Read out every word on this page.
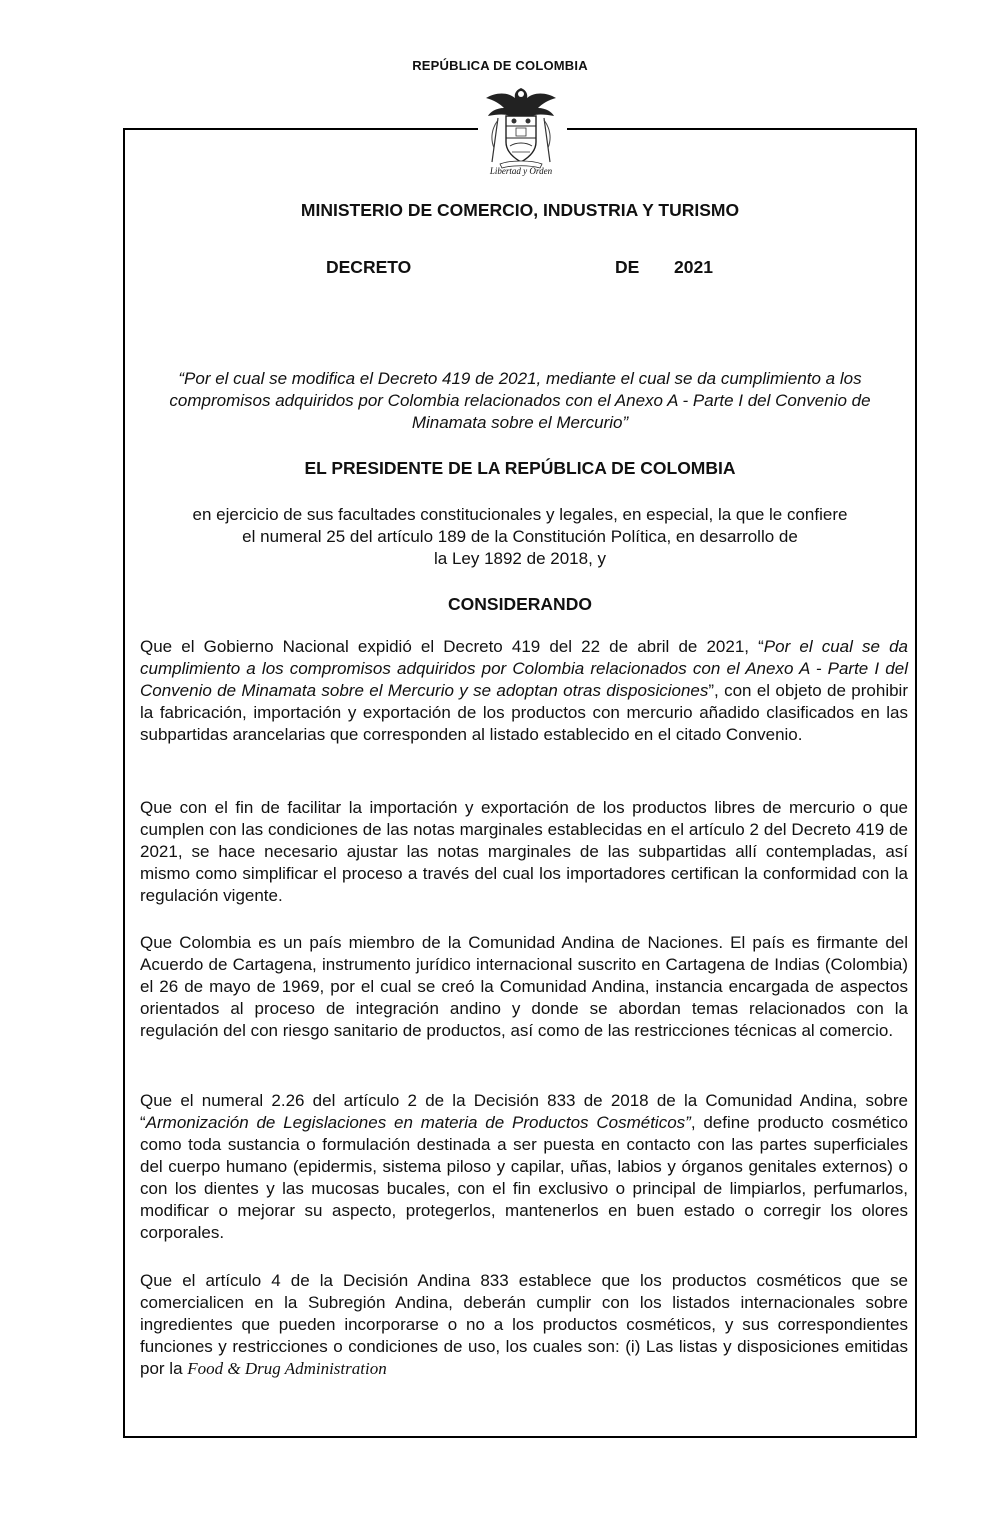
REPÚBLICA DE COLOMBIA
Libertad y Orden
MINISTERIO DE COMERCIO, INDUSTRIA Y TURISMO
DECRETO	DE 2021
“Por el cual se modifica el Decreto 419 de 2021, mediante el cual se da cumplimiento a los compromisos adquiridos por Colombia relacionados con el Anexo A - Parte I del Convenio de Minamata sobre el Mercurio”
EL PRESIDENTE DE LA REPÚBLICA DE COLOMBIA
en ejercicio de sus facultades constitucionales y legales, en especial, la que le confiere
el numeral 25 del artículo 189 de la Constitución Política, en desarrollo de
la Ley 1892 de 2018, y
CONSIDERANDO

Que el Gobierno Nacional expidió el Decreto 419 del 22 de abril de 2021, “Por el cual se da cumplimiento a los compromisos adquiridos por Colombia relacionados con el Anexo A - Parte I del Convenio de Minamata sobre el Mercurio y se adoptan otras disposiciones”, con el objeto de prohibir la fabricación, importación y exportación de los productos con mercurio añadido clasificados en las subpartidas arancelarias que corresponden al listado establecido en el citado Convenio.

Que con el fin de facilitar la importación y exportación de los productos libres de mercurio o que cumplen con las condiciones de las notas marginales establecidas en el artículo 2 del Decreto 419 de 2021, se hace necesario ajustar las notas marginales de las subpartidas allí contempladas, así mismo como simplificar el proceso a través del cual los importadores certifican la conformidad con la regulación vigente.

Que Colombia es un país miembro de la Comunidad Andina de Naciones. El país es firmante del Acuerdo de Cartagena, instrumento jurídico internacional suscrito en Cartagena de Indias (Colombia) el 26 de mayo de 1969, por el cual se creó la Comunidad Andina, instancia encargada de aspectos orientados al proceso de integración andino y donde se abordan temas relacionados con la regulación del con riesgo sanitario de productos, así como de las restricciones técnicas al comercio.

Que el numeral 2.26 del artículo 2 de la Decisión 833 de 2018 de la Comunidad Andina, sobre “Armonización de Legislaciones en materia de Productos Cosméticos”, define producto cosmético como toda sustancia o formulación destinada a ser puesta en contacto con las partes superficiales del cuerpo humano (epidermis, sistema piloso y capilar, uñas, labios y órganos genitales externos) o con los dientes y las mucosas bucales, con el fin exclusivo o principal de limpiarlos, perfumarlos, modificar o mejorar su aspecto, protegerlos, mantenerlos en buen estado o corregir los olores corporales.

Que el artículo 4 de la Decisión Andina 833 establece que los productos cosméticos que se comercialicen en la Subregión Andina, deberán cumplir con los listados internacionales sobre ingredientes que pueden incorporarse o no a los productos cosméticos, y sus correspondientes funciones y restricciones o condiciones de uso, los cuales son: (i) Las listas y disposiciones emitidas por la Food & Drug Administration
